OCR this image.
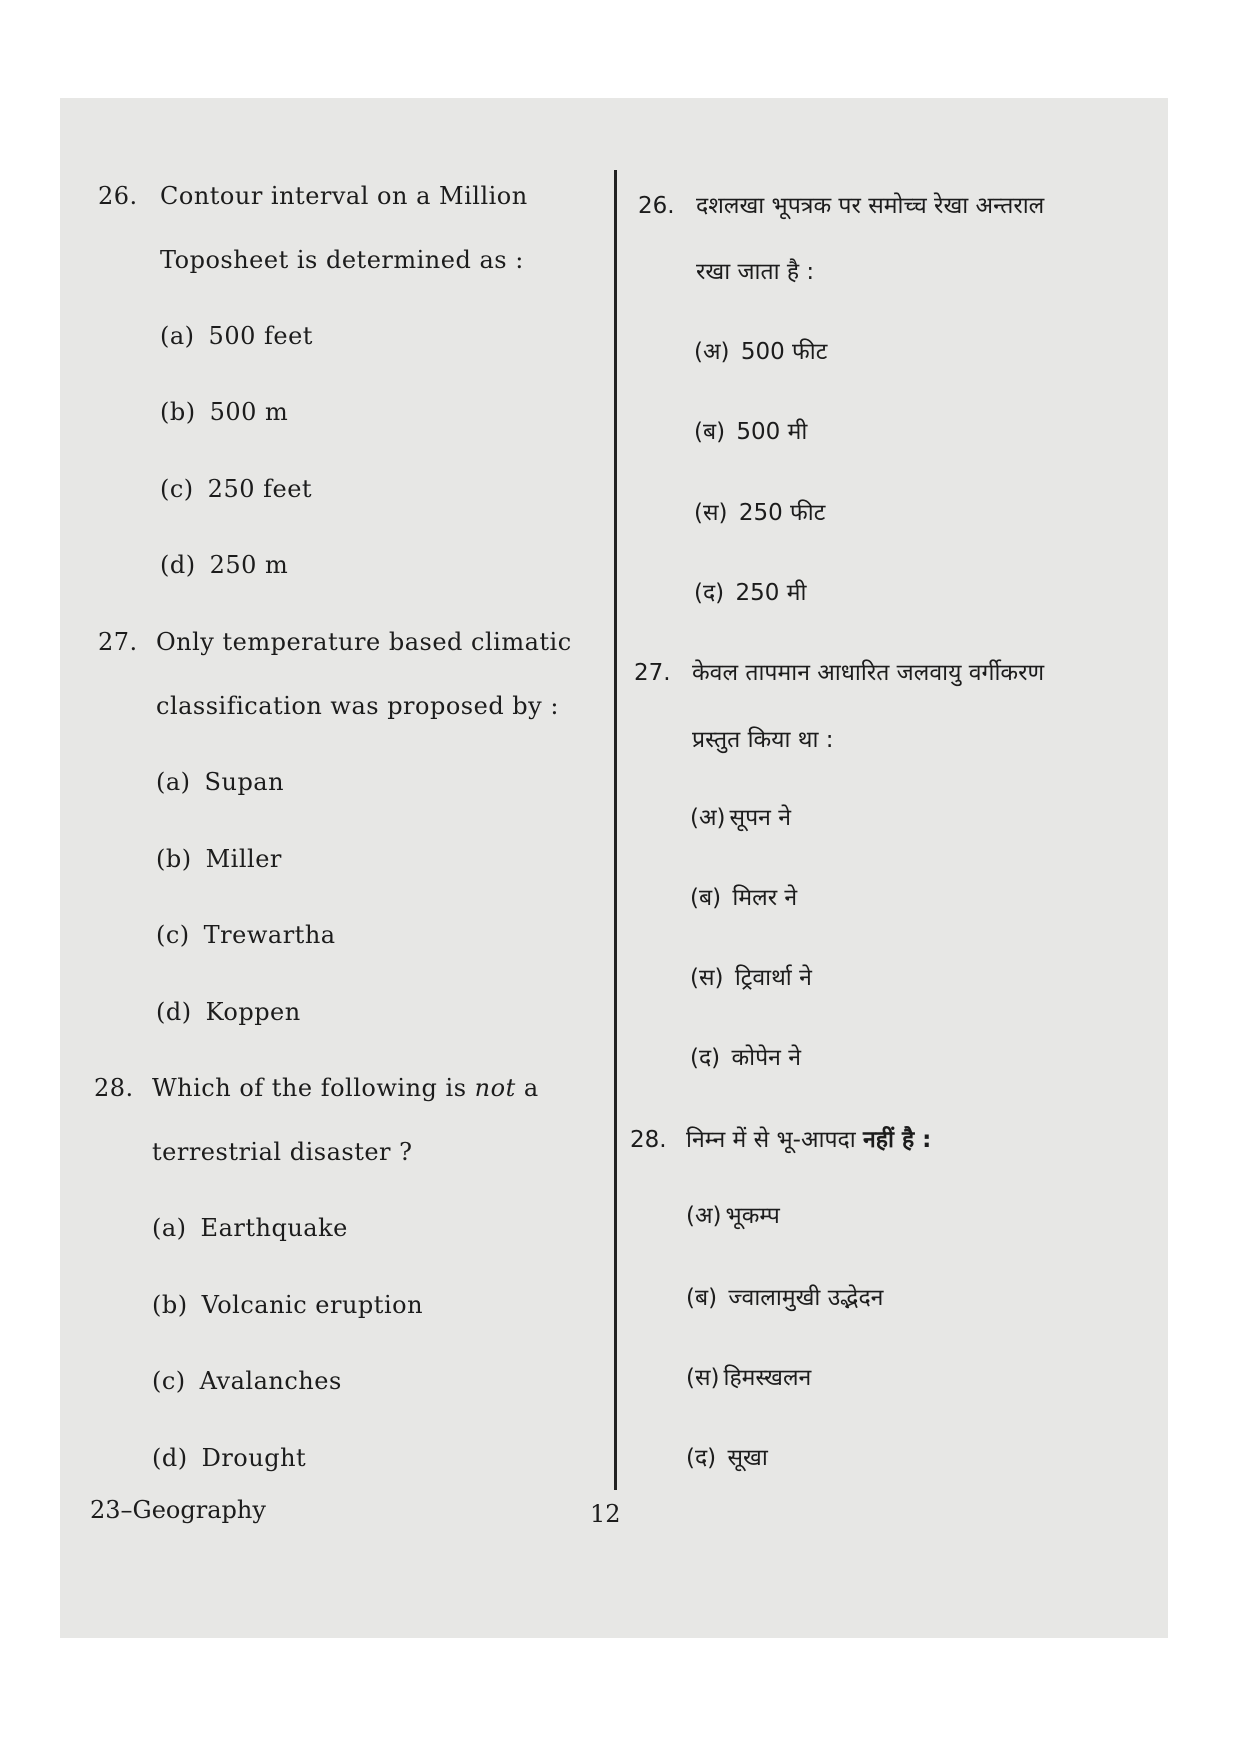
26. Contour interval on a Million
Toposheet is determined as :
(a) 500 feet
(b) 500 m
(c) 250 feet
(d) 250 m
27. Only temperature based climatic
classification was proposed by :
(a) Supan
(b) Miller
(c) Trewartha
(d) Koppen
28. Which of the following is not a
terrestrial disaster ?
(a) Earthquake
(b) Volcanic eruption
(c) Avalanches
(d) Drought
26. दशलखा भूपत्रक पर समोच्च रेखा अन्तराल
रखा जाता है :
(अ) 500 फीट
(ब) 500 मी
(स) 250 फीट
(द) 250 मी
27. केवल तापमान आधारित जलवायु वर्गीकरण
प्रस्तुत किया था :
(अ) सूपन ने
(ब) मिलर ने
(स) ट्रिवार्था ने
(द) कोपेन ने
28. निम्न में से भू-आपदा नहीं है :
(अ) भूकम्प
(ब) ज्वालामुखी उद्भेदन
(स) हिमस्खलन
(द) सूखा
23–Geography	12
